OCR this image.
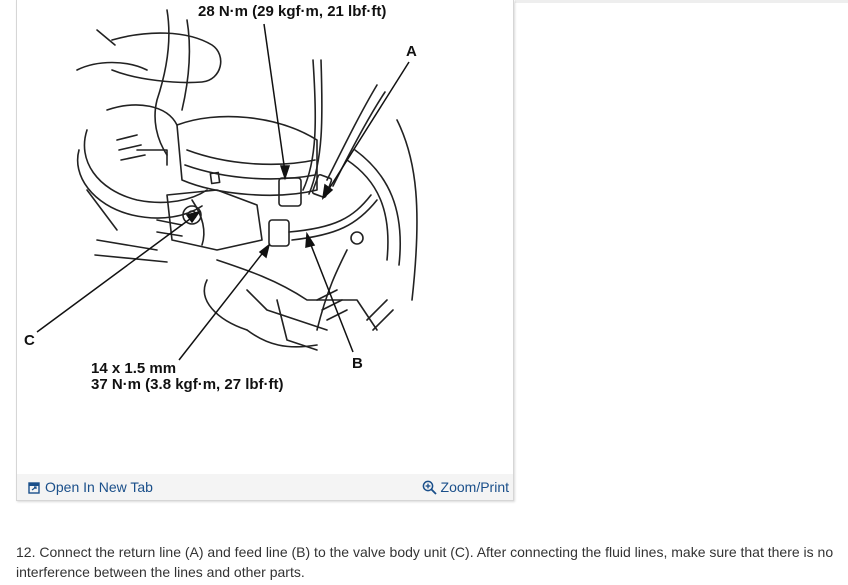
28 N·m (29 kgf·m, 21 lbf·ft)
A
C
B
14 x 1.5 mm
37 N·m (3.8 kgf·m, 27 lbf·ft)
Open In New Tab	Zoom/Print

12. Connect the return line (A) and feed line (B) to the valve body unit (C). After connecting the fluid lines, make sure that there is no interference between the lines and other parts.
